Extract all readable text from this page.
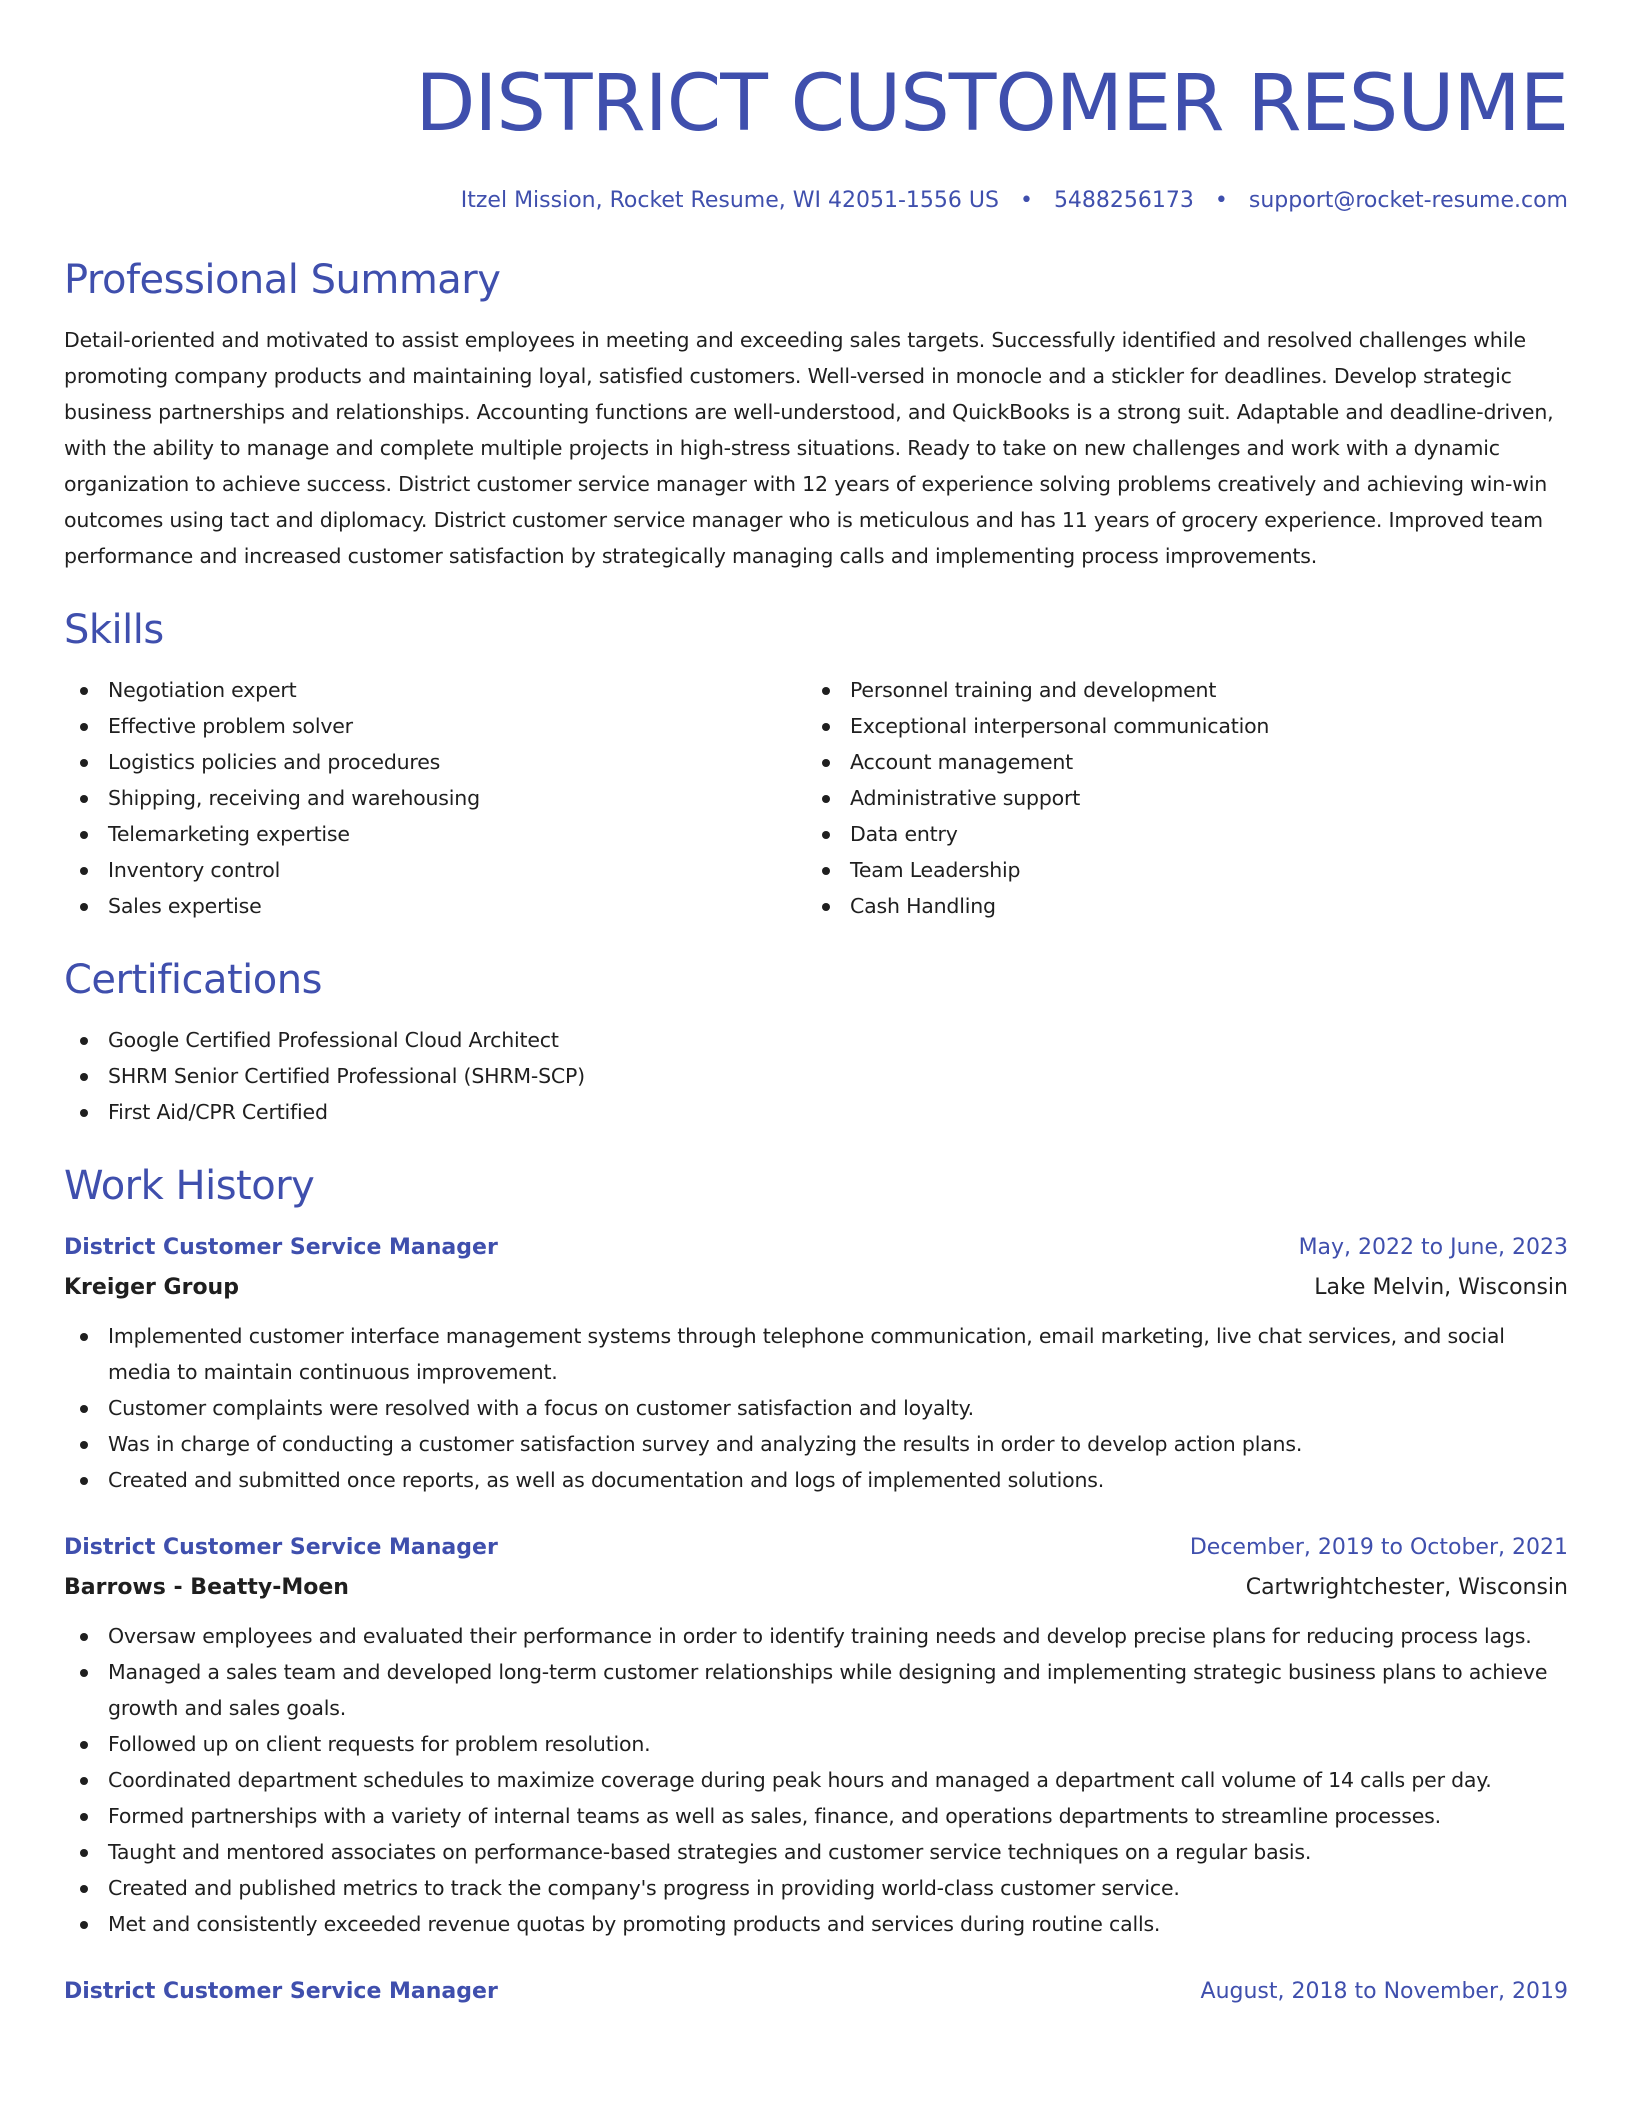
DISTRICT CUSTOMER RESUME
Itzel Mission, Rocket Resume, WI 42051-1556 US • 5488256173 • support@rocket-resume.com
Professional Summary

Detail-oriented and motivated to assist employees in meeting and exceeding sales targets. Successfully identified and resolved challenges while promoting company products and maintaining loyal, satisfied customers. Well-versed in monocle and a stickler for deadlines. Develop strategic business partnerships and relationships. Accounting functions are well-understood, and QuickBooks is a strong suit. Adaptable and deadline-driven, with the ability to manage and complete multiple projects in high-stress situations. Ready to take on new challenges and work with a dynamic organization to achieve success. District customer service manager with 12 years of experience solving problems creatively and achieving win-win outcomes using tact and diplomacy. District customer service manager who is meticulous and has 11 years of grocery experience. Improved team performance and increased customer satisfaction by strategically managing calls and implementing process improvements.

Skills
Negotiation expert
Effective problem solver
Logistics policies and procedures
Shipping, receiving and warehousing
Telemarketing expertise
Inventory control
Sales expertise
Personnel training and development
Exceptional interpersonal communication
Account management
Administrative support
Data entry
Team Leadership
Cash Handling
Certifications
Google Certified Professional Cloud Architect
SHRM Senior Certified Professional (SHRM-SCP)
First Aid/CPR Certified
Work History
District Customer Service Manager	May, 2022 to June, 2023
Kreiger Group	Lake Melvin, Wisconsin
Implemented customer interface management systems through telephone communication, email marketing, live chat services, and social media to maintain continuous improvement.
Customer complaints were resolved with a focus on customer satisfaction and loyalty.
Was in charge of conducting a customer satisfaction survey and analyzing the results in order to develop action plans.
Created and submitted once reports, as well as documentation and logs of implemented solutions.
District Customer Service Manager	December, 2019 to October, 2021
Barrows - Beatty-Moen	Cartwrightchester, Wisconsin
Oversaw employees and evaluated their performance in order to identify training needs and develop precise plans for reducing process lags.
Managed a sales team and developed long-term customer relationships while designing and implementing strategic business plans to achieve growth and sales goals.
Followed up on client requests for problem resolution.
Coordinated department schedules to maximize coverage during peak hours and managed a department call volume of 14 calls per day.
Formed partnerships with a variety of internal teams as well as sales, finance, and operations departments to streamline processes.
Taught and mentored associates on performance-based strategies and customer service techniques on a regular basis.
Created and published metrics to track the company's progress in providing world-class customer service.
Met and consistently exceeded revenue quotas by promoting products and services during routine calls.
District Customer Service Manager	August, 2018 to November, 2019
